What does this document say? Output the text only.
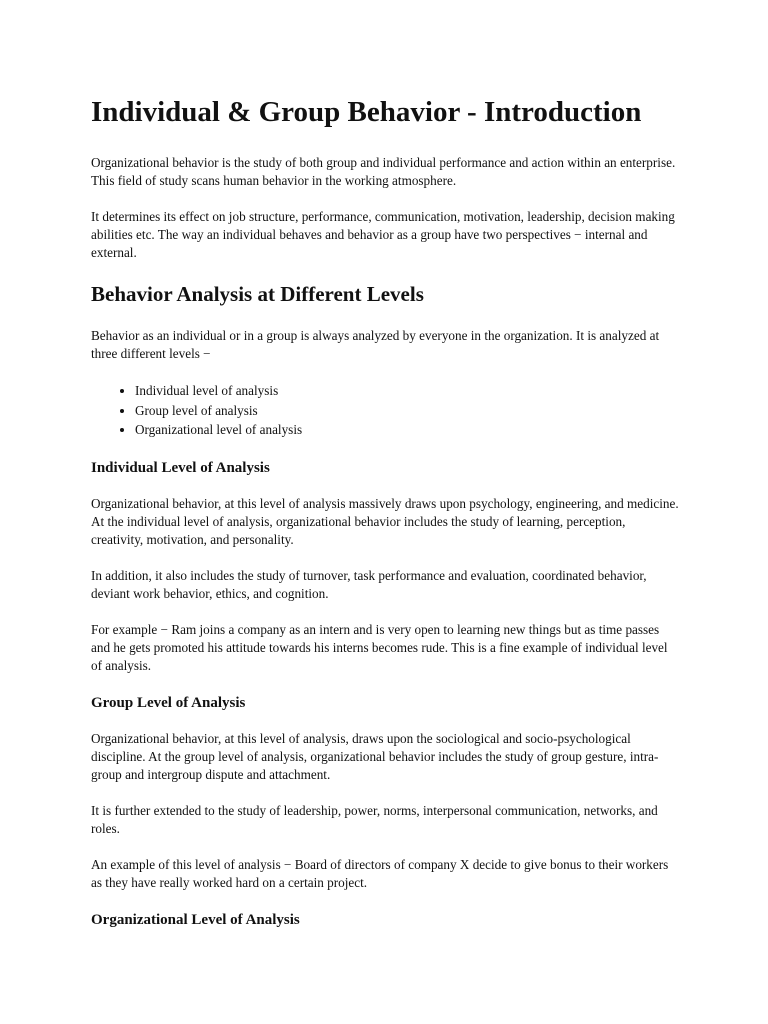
Individual & Group Behavior - Introduction

Organizational behavior is the study of both group and individual performance and action within an enterprise. This field of study scans human behavior in the working atmosphere.

It determines its effect on job structure, performance, communication, motivation, leadership, decision making abilities etc. The way an individual behaves and behavior as a group have two perspectives − internal and external.

Behavior Analysis at Different Levels

Behavior as an individual or in a group is always analyzed by everyone in the organization. It is analyzed at three different levels −

• Individual level of analysis
• Group level of analysis
• Organizational level of analysis
Individual Level of Analysis

Organizational behavior, at this level of analysis massively draws upon psychology, engineering, and medicine. At the individual level of analysis, organizational behavior includes the study of learning, perception, creativity, motivation, and personality.

In addition, it also includes the study of turnover, task performance and evaluation, coordinated behavior, deviant work behavior, ethics, and cognition.

For example − Ram joins a company as an intern and is very open to learning new things but as time passes and he gets promoted his attitude towards his interns becomes rude. This is a fine example of individual level of analysis.

Group Level of Analysis

Organizational behavior, at this level of analysis, draws upon the sociological and socio-psychological discipline. At the group level of analysis, organizational behavior includes the study of group gesture, intra-group and intergroup dispute and attachment.

It is further extended to the study of leadership, power, norms, interpersonal communication, networks, and roles.

An example of this level of analysis − Board of directors of company X decide to give bonus to their workers as they have really worked hard on a certain project.

Organizational Level of Analysis
